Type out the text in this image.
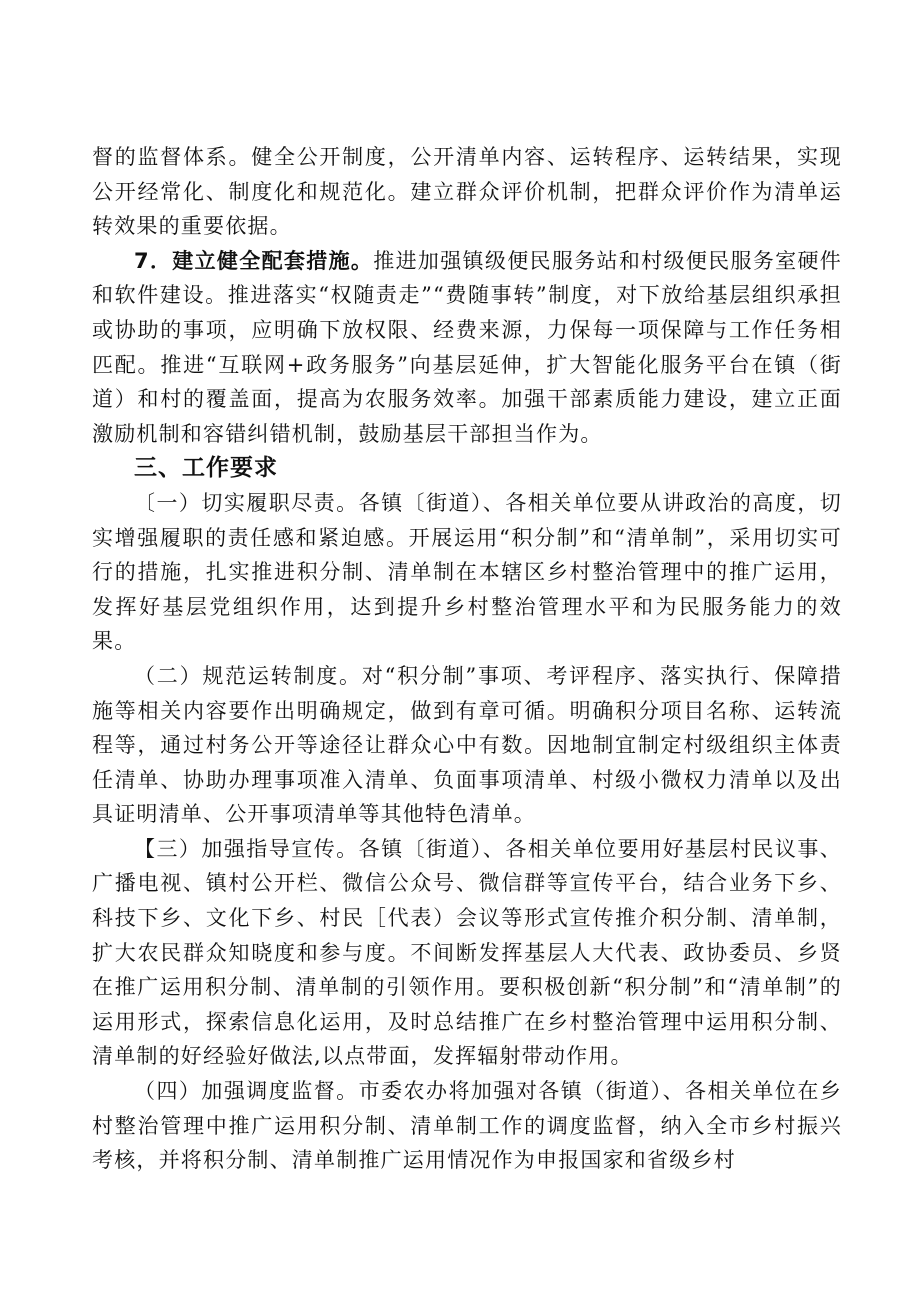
督的监督体系。健全公开制度，公开清单内容、运转程序、运转结果，实现公开经常化、制度化和规范化。建立群众评价机制，把群众评价作为清单运转效果的重要依据。

7．建立健全配套措施。推进加强镇级便民服务站和村级便民服务室硬件和软件建设。推进落实“权随责走”“费随事转”制度，对下放给基层组织承担或协助的事项，应明确下放权限、经费来源，力保每一项保障与工作任务相匹配。推进“互联网+政务服务”向基层延伸，扩大智能化服务平台在镇（街道）和村的覆盖面，提高为农服务效率。加强干部素质能力建设，建立正面激励机制和容错纠错机制，鼓励基层干部担当作为。

三、工作要求

〔一）切实履职尽责。各镇〔街道）、各相关单位要从讲政治的高度，切实增强履职的责任感和紧迫感。开展运用“积分制”和“清单制”，采用切实可行的措施，扎实推进积分制、清单制在本辖区乡村整治管理中的推广运用，发挥好基层党组织作用，达到提升乡村整治管理水平和为民服务能力的效果。

（二）规范运转制度。对“积分制”事项、考评程序、落实执行、保障措施等相关内容要作出明确规定，做到有章可循。明确积分项目名称、运转流程等，通过村务公开等途径让群众心中有数。因地制宜制定村级组织主体责任清单、协助办理事项准入清单、负面事项清单、村级小微权力清单以及出具证明清单、公开事项清单等其他特色清单。

【三）加强指导宣传。各镇〔街道）、各相关单位要用好基层村民议事、广播电视、镇村公开栏、微信公众号、微信群等宣传平台，结合业务下乡、科技下乡、文化下乡、村民［代表）会议等形式宣传推介积分制、清单制，扩大农民群众知晓度和参与度。不间断发挥基层人大代表、政协委员、乡贤在推广运用积分制、清单制的引领作用。要积极创新“积分制”和“清单制”的运用形式，探索信息化运用，及时总结推广在乡村整治管理中运用积分制、清单制的好经验好做法,以点带面，发挥辐射带动作用。

（四）加强调度监督。市委农办将加强对各镇（街道）、各相关单位在乡村整治管理中推广运用积分制、清单制工作的调度监督，纳入全市乡村振兴考核，并将积分制、清单制推广运用情况作为申报国家和省级乡村
